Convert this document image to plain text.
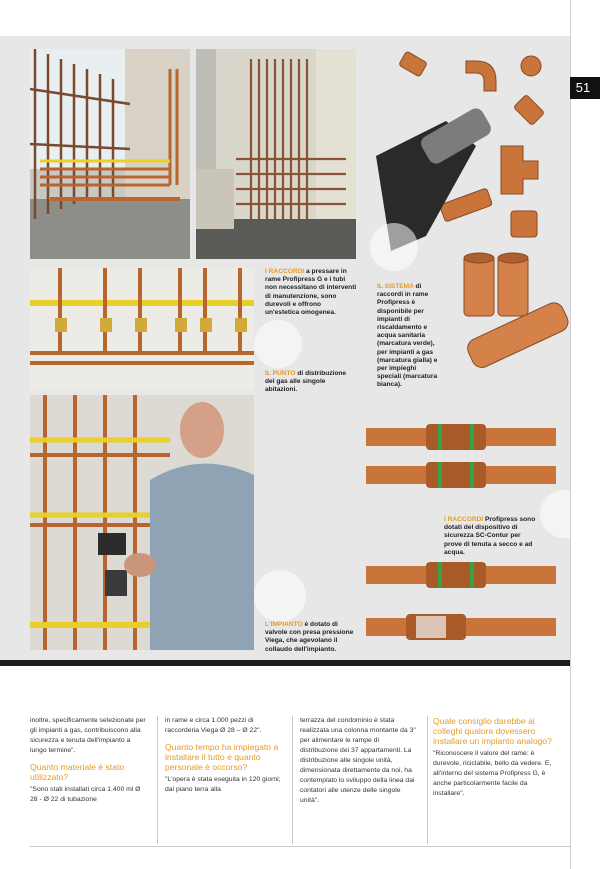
51
I RACCORDI a pressare in rame Profipress G e i tubi non necessitano di interventi di manutenzione, sono durevoli e offrono un'estetica omogenea.
IL PUNTO di distribuzione del gas alle singole abitazioni.
IL SISTEMA di raccordi in rame Profipress è disponibile per impianti di riscaldamento e acqua sanitaria (marcatura verde), per impianti a gas (marcatura gialla) e per impieghi speciali (marcatura bianca).
I RACCORDI Profipress sono dotati del dispositivo di sicurezza SC-Contur per prove di tenuta a secco e ad acqua.
L'IMPIANTO è dotato di valvole con presa pressione Viega, che agevolano il collaudo dell'impianto.

inoltre, specificamente selezionate per gli impianti a gas, contribuiscono alla sicurezza e tenuta dell'impianto a lungo termine".

Quanto materiale è stato utilizzato?

"Sono stati installati circa 1.400 ml Ø 28 - Ø 22 di tubazione

in rame e circa 1.000 pezzi di raccorderia Viega Ø 28 – Ø 22".

Quanto tempo ha impiegato a installare il tutto e quanto personale è occorso?

"L'opera è stata eseguita in 120 giorni; dal piano terra alla

terrazza del condominio è stata realizzata una colonna montante da 3" per alimentare le rampe di distribuzione dei 37 appartamenti. La distribuzione alle singole unità, dimensionata direttamente da noi, ha contemplato lo sviluppo della linea dai contatori alle utenze delle singole unità".

Quale consiglio darebbe ai colleghi qualora dovessero installare un impianto analogo?

"Riconoscere il valore del rame: è durevole, riciclabile, bello da vedere. E, all'interno del sistema Profipress G, è anche particolarmente facile da installare".
